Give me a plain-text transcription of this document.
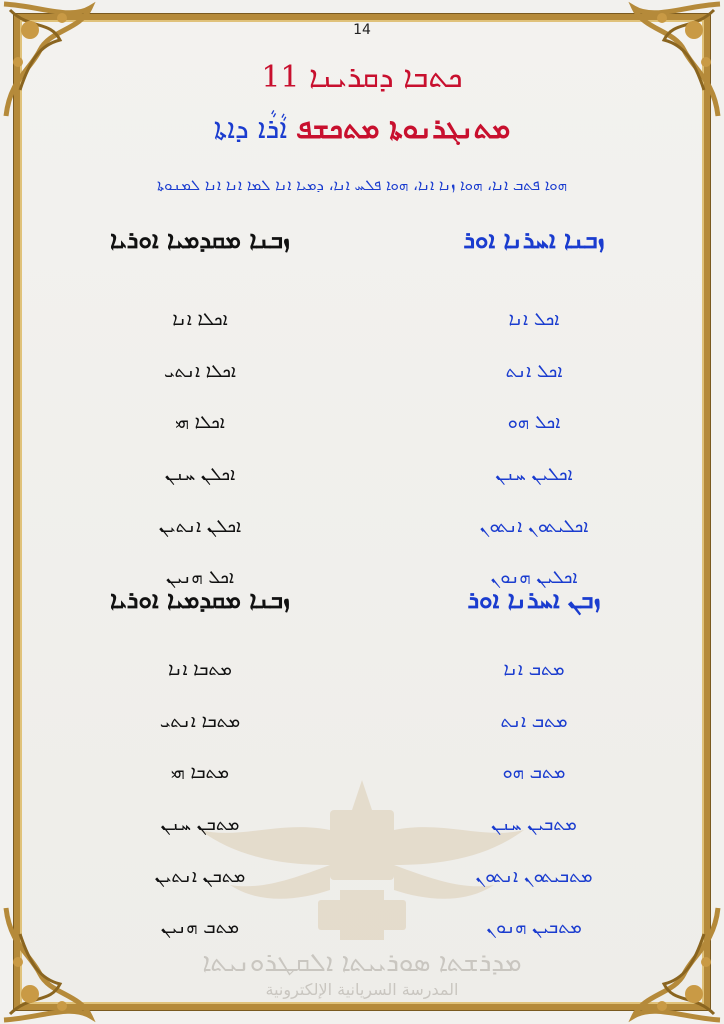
ܡܕܪܫܬܐ ܣܘܪܝܝܬܐ ܐܠܩܛܪܘܢܝܬܐ
المدرسة السريانية الإلكترونية
14
ܟܬܒܐ ܕܩܪܝܢܐ 11
ܡܬܢܓܪܢܘܬܐ ܡܬܟܫܦ ܐܵܪܵܐ ܕܐܬܐ
ܗܘܐ ܦܬܒ ܐܢܐ، ܗܘܐ ܙܢܐ ܐܢܐ، ܗܘܐ ܦܠܚ ܐܢܐ، ܕܡܝܐ ܐܢܐ ܠܡܐ ܐܢܐ ܐܢܐ ܠܡܢܘܬܐ
ܙܒܢܐ ܡܩܕܡܝܐ ܐܘܪܝܐ	ܙܒܢܐ ܐܚܪܢܐ ܐܘܪ
ܐܟܠܐ ܐܢܐ	ܐܟܠ ܐܢܐ
ܐܟܠܐ ܐܢܬܝ	ܐܟܠ ܐܢܬ
ܐܟܠܐ ܗܝ	ܐܟܠ ܗܘ
ܐܟܠܢ ܚܢܢ	ܐܟܠܝܢ ܚܢܢ
ܐܟܠܢ ܐܢܬܝܢ	ܐܟܠܝܬܘܢ ܐܢܬܘܢ
ܐܟܠ ܗܢܝܢ	ܐܟܠܝܢ ܗܢܘܢ
ܙܒܢܐ ܡܩܕܡܝܐ ܐܘܪܝܐ	ܙܒܢ ܐܚܪܢܐ ܐܘܪ
ܡܬܒܐ ܐܢܐ	ܡܬܒ ܐܢܐ
ܡܬܒܐ ܐܢܬܝ	ܡܬܒ ܐܢܬ
ܡܬܒܐ ܗܝ	ܡܬܒ ܗܘ
ܡܬܒܢ ܚܢܢ	ܡܬܒܝܢ ܚܢܢ
ܡܬܒܢ ܐܢܬܝܢ	ܡܬܒܝܬܘܢ ܐܢܬܘܢ
ܡܬܒ ܗܢܝܢ	ܡܬܒܝܢ ܗܢܘܢ
